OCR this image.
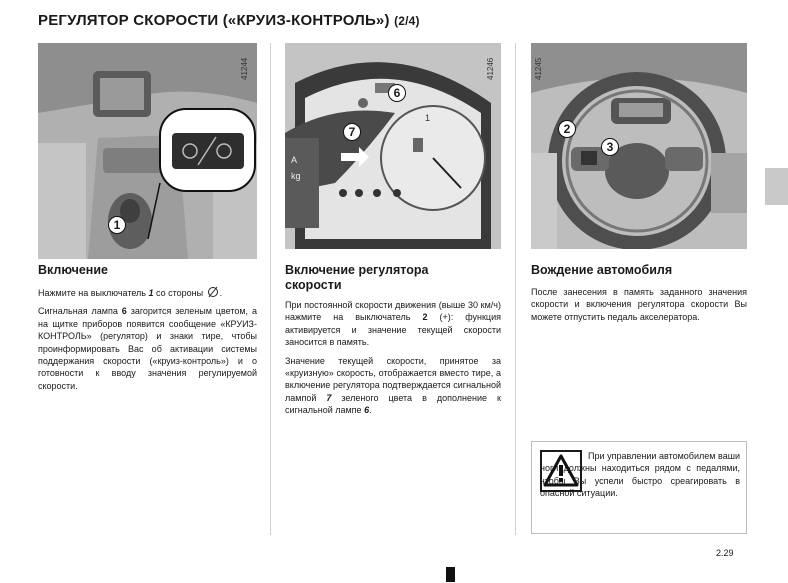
РЕГУЛЯТОР СКОРОСТИ («КРУИЗ-КОНТРОЛЬ») (2/4)
41244
1
A
kg
1
41246
6
7
41245
2
3
Включение

Нажмите на выключатель 1 со стороны .

Сигнальная лампа 6 загорится зеленым цветом, а на щитке приборов появится сообщение «КРУИЗ-КОНТРОЛЬ» (регулятор) и знаки тире, чтобы проинформировать Вас об активации системы поддержания скорости («круиз-контроль») и о готовности к вводу значения регулируемой скорости.

Включение регулятора
скорости

При постоянной скорости движения (выше 30 км/ч) нажмите на выключатель 2 (+): функция активируется и значение текущей скорости заносится в память.

Значение текущей скорости, принятое за «круизную» скорость, отображается вместо тире, а включение регулятора подтверждается сигнальной лампой 7 зеленого цвета в дополнение к сигнальной лампе 6.

Вождение автомобиля

После занесения в память заданного значения скорости и включения регулятора скорости Вы можете отпустить педаль акселератора.

При управлении автомобилем ваши ноги должны находиться рядом с педалями, чтобы Вы успели быстро среагировать в опасной ситуации.
2.29
